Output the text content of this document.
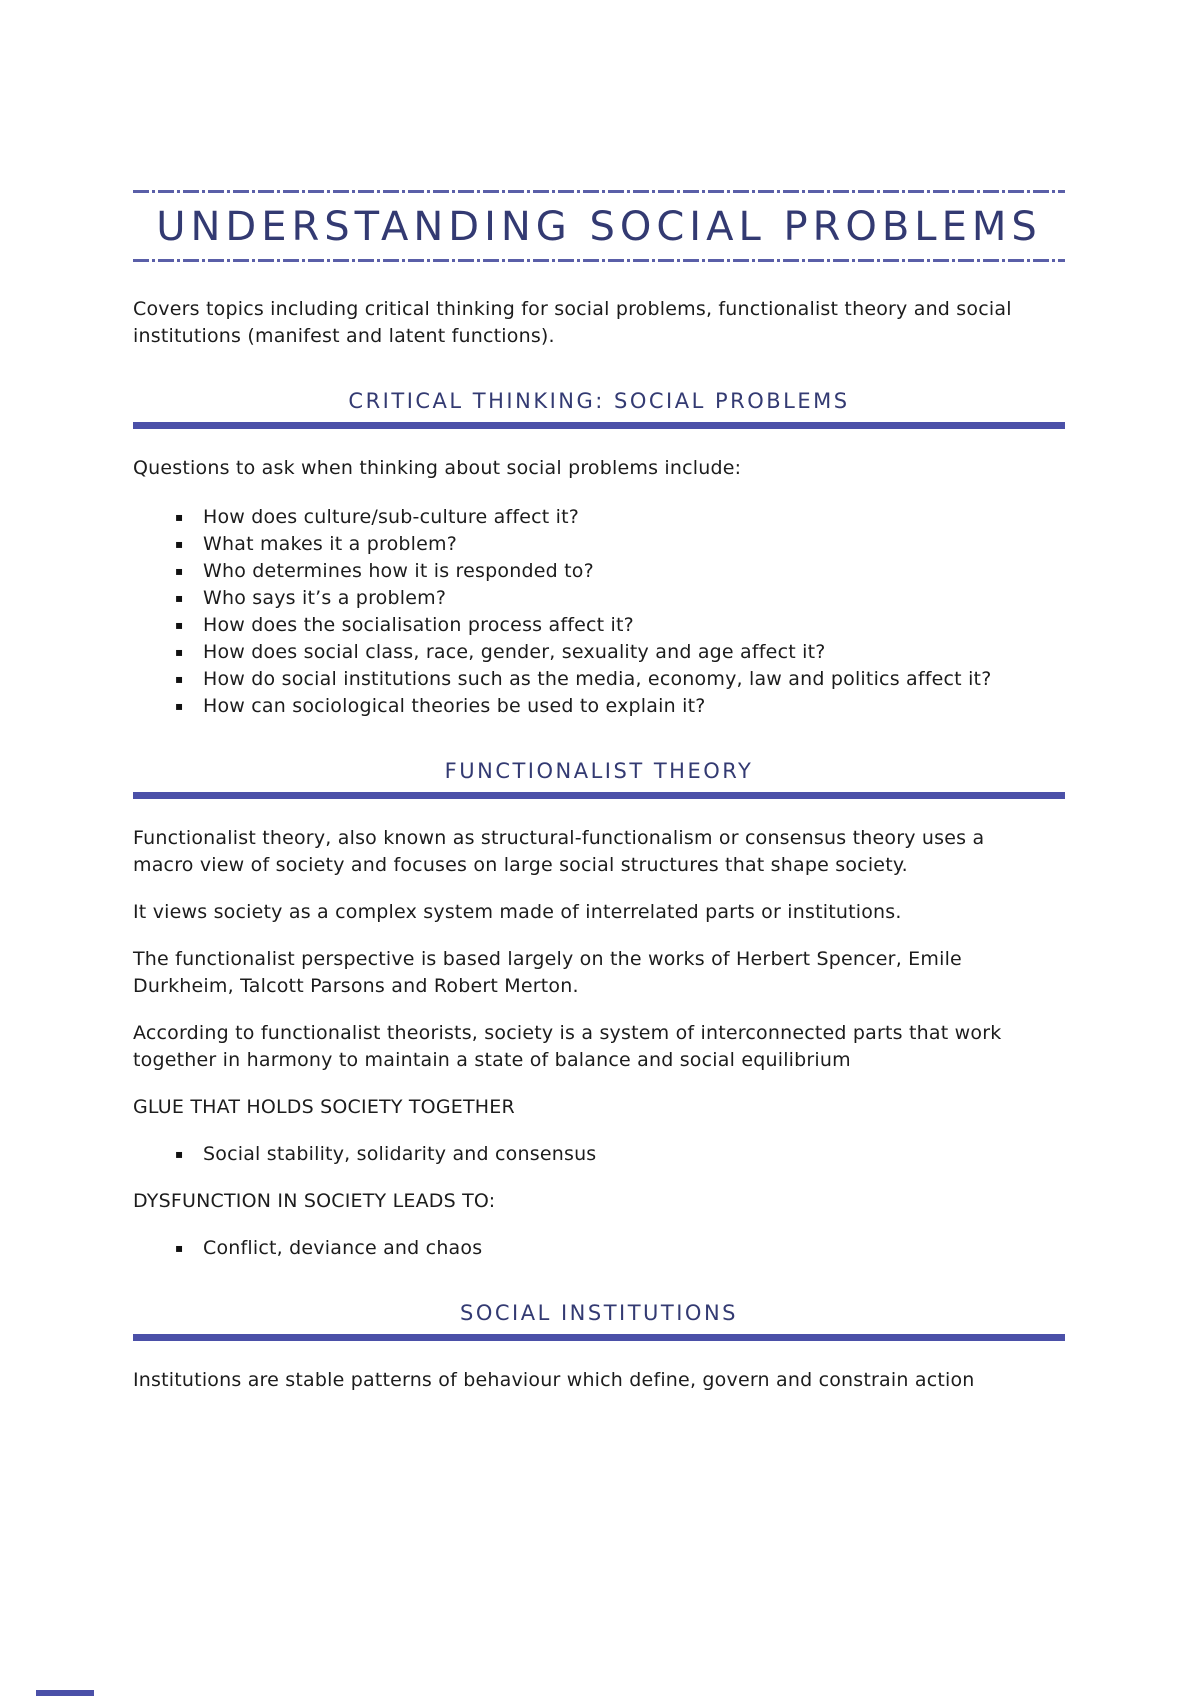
UNDERSTANDING SOCIAL PROBLEMS

Covers topics including critical thinking for social problems, functionalist theory and social institutions (manifest and latent functions).

CRITICAL THINKING: SOCIAL PROBLEMS

Questions to ask when thinking about social problems include:

▪ How does culture/sub-culture affect it?
▪ What makes it a problem?
▪ Who determines how it is responded to?
▪ Who says it’s a problem?
▪ How does the socialisation process affect it?
▪ How does social class, race, gender, sexuality and age affect it?
▪ How do social institutions such as the media, economy, law and politics affect it?
▪ How can sociological theories be used to explain it?
FUNCTIONALIST THEORY

Functionalist theory, also known as structural-functionalism or consensus theory uses a macro view of society and focuses on large social structures that shape society.

It views society as a complex system made of interrelated parts or institutions.

The functionalist perspective is based largely on the works of Herbert Spencer, Emile Durkheim, Talcott Parsons and Robert Merton.

According to functionalist theorists, society is a system of interconnected parts that work together in harmony to maintain a state of balance and social equilibrium

GLUE THAT HOLDS SOCIETY TOGETHER

▪ Social stability, solidarity and consensus

DYSFUNCTION IN SOCIETY LEADS TO:

▪ Conflict, deviance and chaos
SOCIAL INSTITUTIONS

Institutions are stable patterns of behaviour which define, govern and constrain action
